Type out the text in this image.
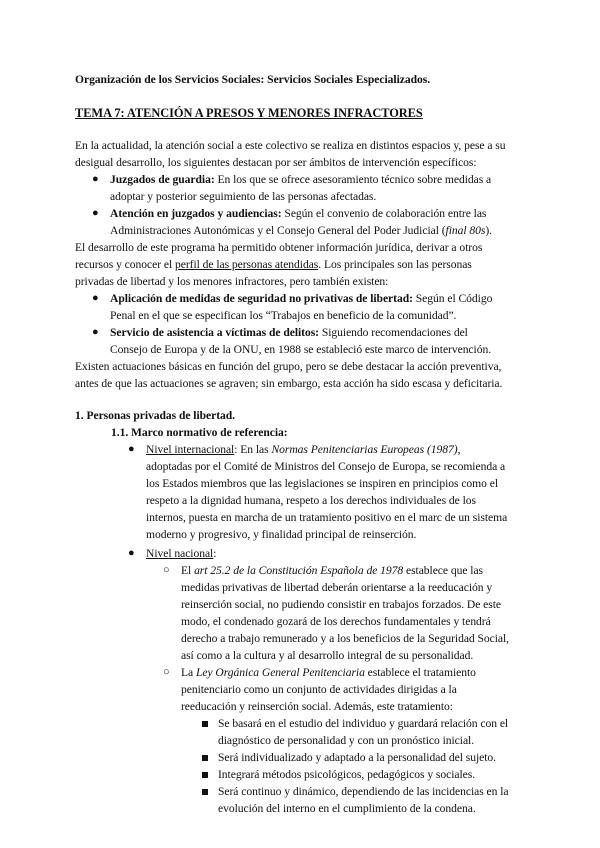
Organización de los Servicios Sociales: Servicios Sociales Especializados.
TEMA 7: ATENCIÓN A PRESOS Y MENORES INFRACTORES
En la actualidad, la atención social a este colectivo se realiza en distintos espacios y, pese a su
desigual desarrollo, los siguientes destacan por ser ámbitos de intervención específicos:
● Juzgados de guardia: En los que se ofrece asesoramiento técnico sobre medidas a
adoptar y posterior seguimiento de las personas afectadas.
● Atención en juzgados y audiencias: Según el convenio de colaboración entre las
Administraciones Autonómicas y el Consejo General del Poder Judicial (final 80s).
El desarrollo de este programa ha permitido obtener información jurídica, derivar a otros
recursos y conocer el perfil de las personas atendidas. Los principales son las personas
privadas de libertad y los menores infractores, pero también existen:
● Aplicación de medidas de seguridad no privativas de libertad: Según el Código
Penal en el que se especifican los “Trabajos en beneficio de la comunidad”.
● Servicio de asistencia a víctimas de delitos: Siguiendo recomendaciones del
Consejo de Europa y de la ONU, en 1988 se estableció este marco de intervención.
Existen actuaciones básicas en función del grupo, pero se debe destacar la acción preventiva,
antes de que las actuaciones se agraven; sin embargo, esta acción ha sido escasa y deficitaria.
1. Personas privadas de libertad.
1.1. Marco normativo de referencia:
● Nivel internacional: En las Normas Penitenciarias Europeas (1987),
adoptadas por el Comité de Ministros del Consejo de Europa, se recomienda a
los Estados miembros que las legislaciones se inspiren en principios como el
respeto a la dignidad humana, respeto a los derechos individuales de los
internos, puesta en marcha de un tratamiento positivo en el marc de un sistema
moderno y progresivo, y finalidad principal de reinserción.
● Nivel nacional:
○ El art 25.2 de la Constitución Española de 1978 establece que las
medidas privativas de libertad deberán orientarse a la reeducación y
reinserción social, no pudiendo consistir en trabajos forzados. De este
modo, el condenado gozará de los derechos fundamentales y tendrá
derecho a trabajo remunerado y a los beneficios de la Seguridad Social,
así como a la cultura y al desarrollo integral de su personalidad.
○ La Ley Orgánica General Penitenciaria establece el tratamiento
penitenciario como un conjunto de actividades dirigidas a la
reeducación y reinserción social. Además, este tratamiento:
Se basará en el estudio del individuo y guardará relación con el
diagnóstico de personalidad y con un pronóstico inicial.
Será individualizado y adaptado a la personalidad del sujeto.
Integrará métodos psicológicos, pedagógicos y sociales.
Será continuo y dinámico, dependiendo de las incidencias en la
evolución del interno en el cumplimiento de la condena.
